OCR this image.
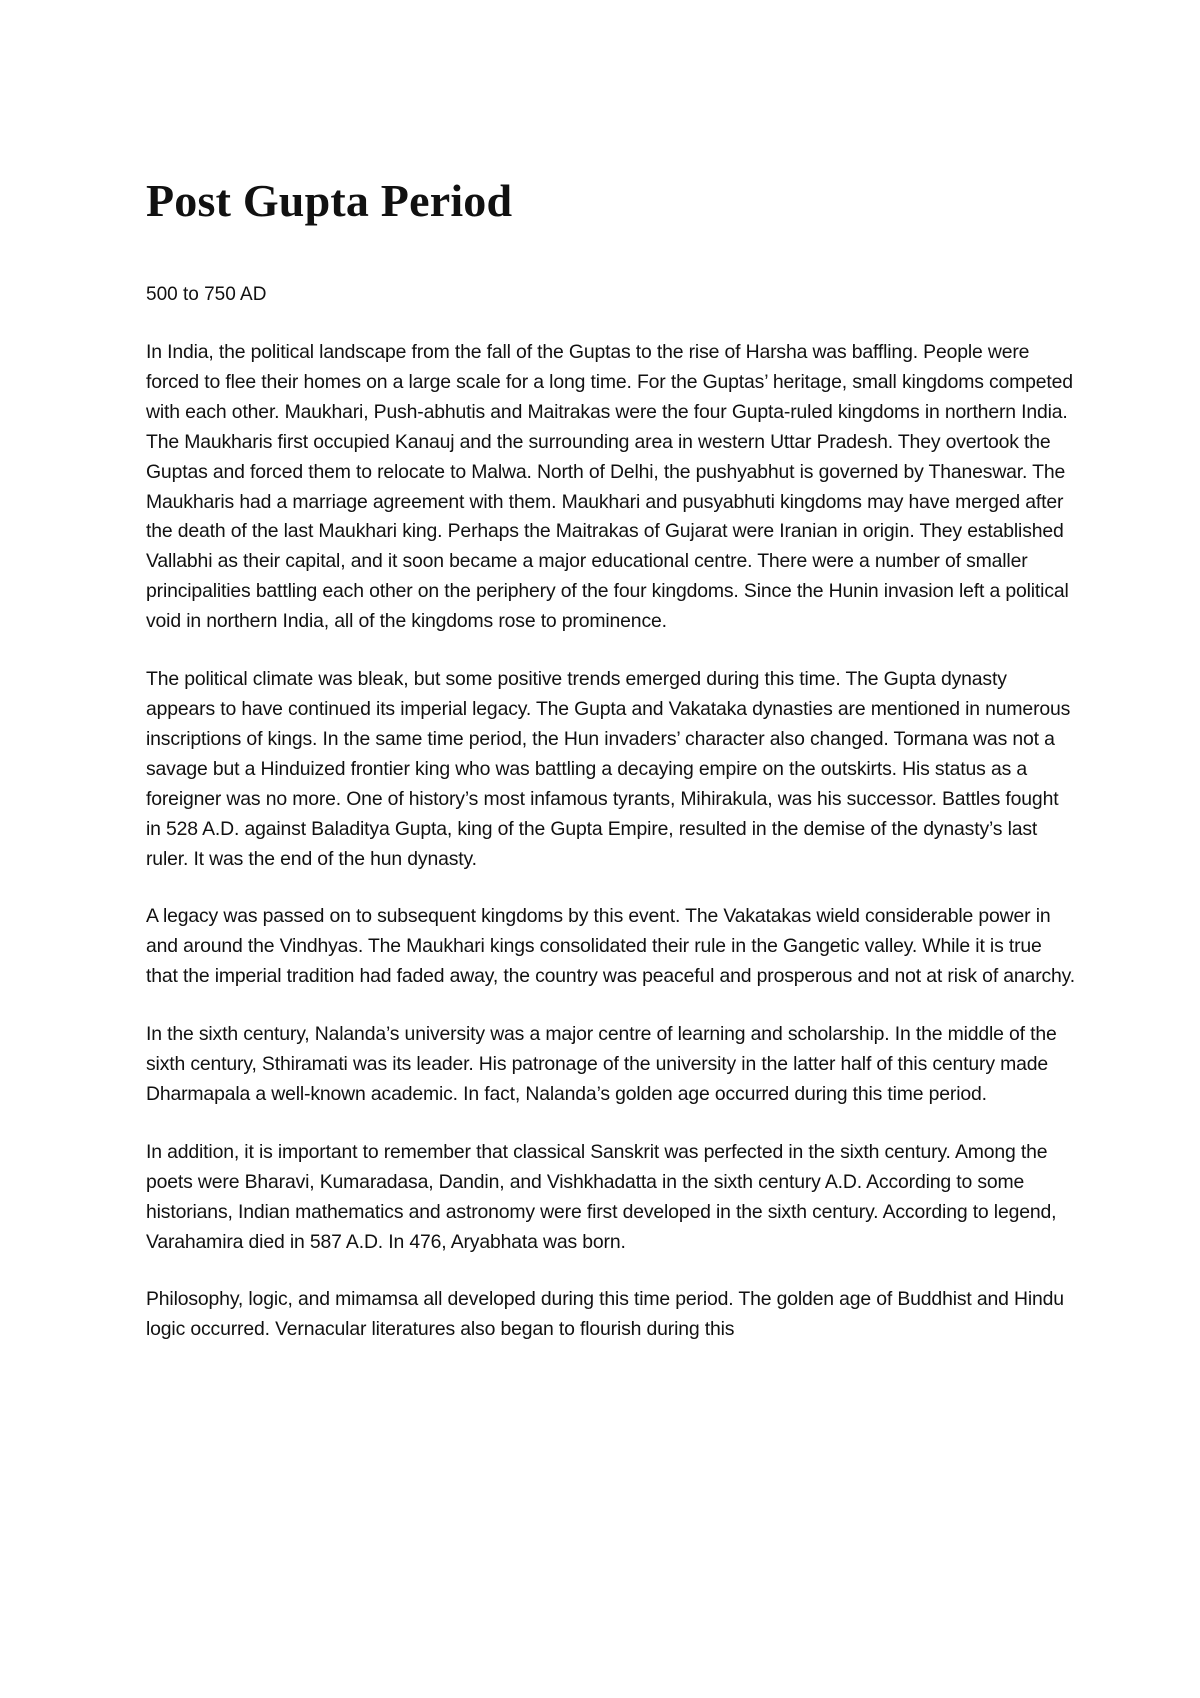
Post Gupta Period

500 to 750 AD

In India, the political landscape from the fall of the Guptas to the rise of Harsha was baffling. People were forced to flee their homes on a large scale for a long time. For the Guptas’ heritage, small kingdoms competed with each other. Maukhari, Push-abhutis and Maitrakas were the four Gupta-ruled kingdoms in northern India. The Maukharis first occupied Kanauj and the surrounding area in western Uttar Pradesh. They overtook the Guptas and forced them to relocate to Malwa. North of Delhi, the pushyabhut is governed by Thaneswar. The Maukharis had a marriage agreement with them. Maukhari and pusyabhuti kingdoms may have merged after the death of the last Maukhari king. Perhaps the Maitrakas of Gujarat were Iranian in origin. They established Vallabhi as their capital, and it soon became a major educational centre. There were a number of smaller principalities battling each other on the periphery of the four kingdoms. Since the Hunin invasion left a political void in northern India, all of the kingdoms rose to prominence.

The political climate was bleak, but some positive trends emerged during this time. The Gupta dynasty appears to have continued its imperial legacy. The Gupta and Vakataka dynasties are mentioned in numerous inscriptions of kings. In the same time period, the Hun invaders’ character also changed. Tormana was not a savage but a Hinduized frontier king who was battling a decaying empire on the outskirts. His status as a foreigner was no more. One of history’s most infamous tyrants, Mihirakula, was his successor. Battles fought in 528 A.D. against Baladitya Gupta, king of the Gupta Empire, resulted in the demise of the dynasty’s last ruler. It was the end of the hun dynasty.

A legacy was passed on to subsequent kingdoms by this event. The Vakatakas wield considerable power in and around the Vindhyas. The Maukhari kings consolidated their rule in the Gangetic valley. While it is true that the imperial tradition had faded away, the country was peaceful and prosperous and not at risk of anarchy.

In the sixth century, Nalanda’s university was a major centre of learning and scholarship. In the middle of the sixth century, Sthiramati was its leader. His patronage of the university in the latter half of this century made Dharmapala a well-known academic. In fact, Nalanda’s golden age occurred during this time period.

In addition, it is important to remember that classical Sanskrit was perfected in the sixth century. Among the poets were Bharavi, Kumaradasa, Dandin, and Vishkhadatta in the sixth century A.D. According to some historians, Indian mathematics and astronomy were first developed in the sixth century. According to legend, Varahamira died in 587 A.D. In 476, Aryabhata was born.

Philosophy, logic, and mimamsa all developed during this time period. The golden age of Buddhist and Hindu logic occurred. Vernacular literatures also began to flourish during this
